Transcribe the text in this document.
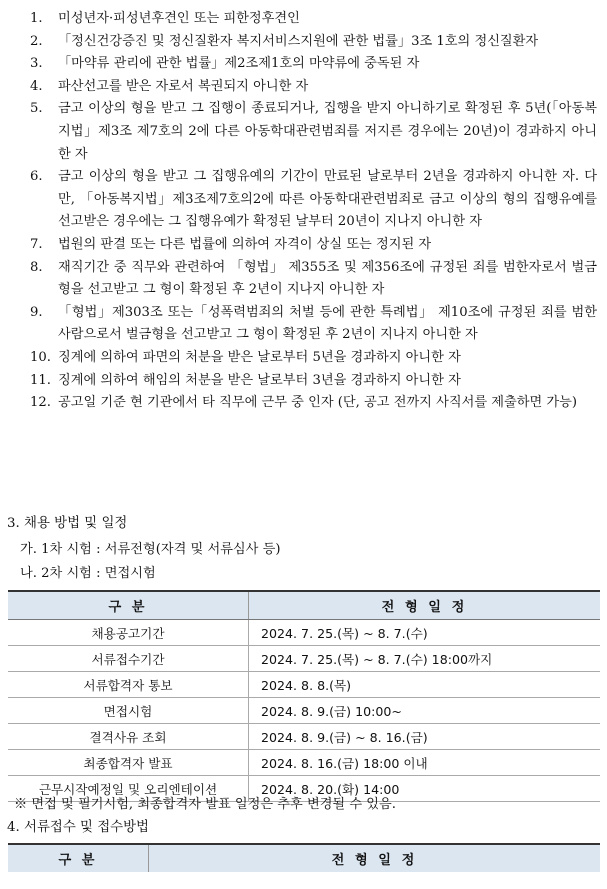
1.	미성년자·피성년후견인 또는 피한정후견인
2.	「정신건강증진 및 정신질환자 복지서비스지원에 관한 법률」3조 1호의 정신질환자
3.	「마약류 관리에 관한 법률」제2조제1호의 마약류에 중독된 자
4.	파산선고를 받은 자로서 복권되지 아니한 자
5.	금고 이상의 형을 받고 그 집행이 종료되거나, 집행을 받지 아니하기로 확정된 후 5년(「아동복지법」제3조 제7호의 2에 다른 아동학대관련범죄를 저지른 경우에는 20년)이 경과하지 아니한 자
6.	금고 이상의 형을 받고 그 집행유예의 기간이 만료된 날로부터 2년을 경과하지 아니한 자. 다만, 「아동복지법」제3조제7호의2에 따른 아동학대관련범죄로 금고 이상의 형의 집행유예를 선고받은 경우에는 그 집행유예가 확정된 날부터 20년이 지나지 아니한 자
7.	법원의 판결 또는 다른 법률에 의하여 자격이 상실 또는 정지된 자
8.	재직기간 중 직무와 관련하여 「형법」 제355조 및 제356조에 규정된 죄를 범한자로서 벌금형을 선고받고 그 형이 확정된 후 2년이 지나지 아니한 자
9.	「형법」제303조 또는「성폭력범죄의 처벌 등에 관한 특례법」 제10조에 규정된 죄를 범한 사람으로서 벌금형을 선고받고 그 형이 확정된 후 2년이 지나지 아니한 자
10. 징계에 의하여 파면의 처분을 받은 날로부터 5년을 경과하지 아니한 자
11. 징계에 의하여 해임의 처분을 받은 날로부터 3년을 경과하지 아니한 자
12. 공고일 기준 현 기관에서 타 직무에 근무 중 인자 (단, 공고 전까지 사직서를 제출하면 가능)
3. 채용 방법 및 일정
가. 1차 시험 : 서류전형(자격 및 서류심사 등)
나. 2차 시험 : 면접시험
구 분	전 형 일 정
채용공고기간	2024. 7. 25.(목) ~ 8. 7.(수)
서류접수기간	2024. 7. 25.(목) ~ 8. 7.(수) 18:00까지
서류합격자 통보	2024. 8. 8.(목)
면접시험	2024. 8. 9.(금) 10:00~
결격사유 조회	2024. 8. 9.(금) ~ 8. 16.(금)
최종합격자 발표	2024. 8. 16.(금) 18:00 이내
근무시작예정일 및 오리엔테이션	2024. 8. 20.(화) 14:00
※ 면접 및 필기시험, 최종합격자 발표 일정은 추후 변경될 수 있음.
4. 서류접수 및 접수방법
구 분	전 형 일 정
